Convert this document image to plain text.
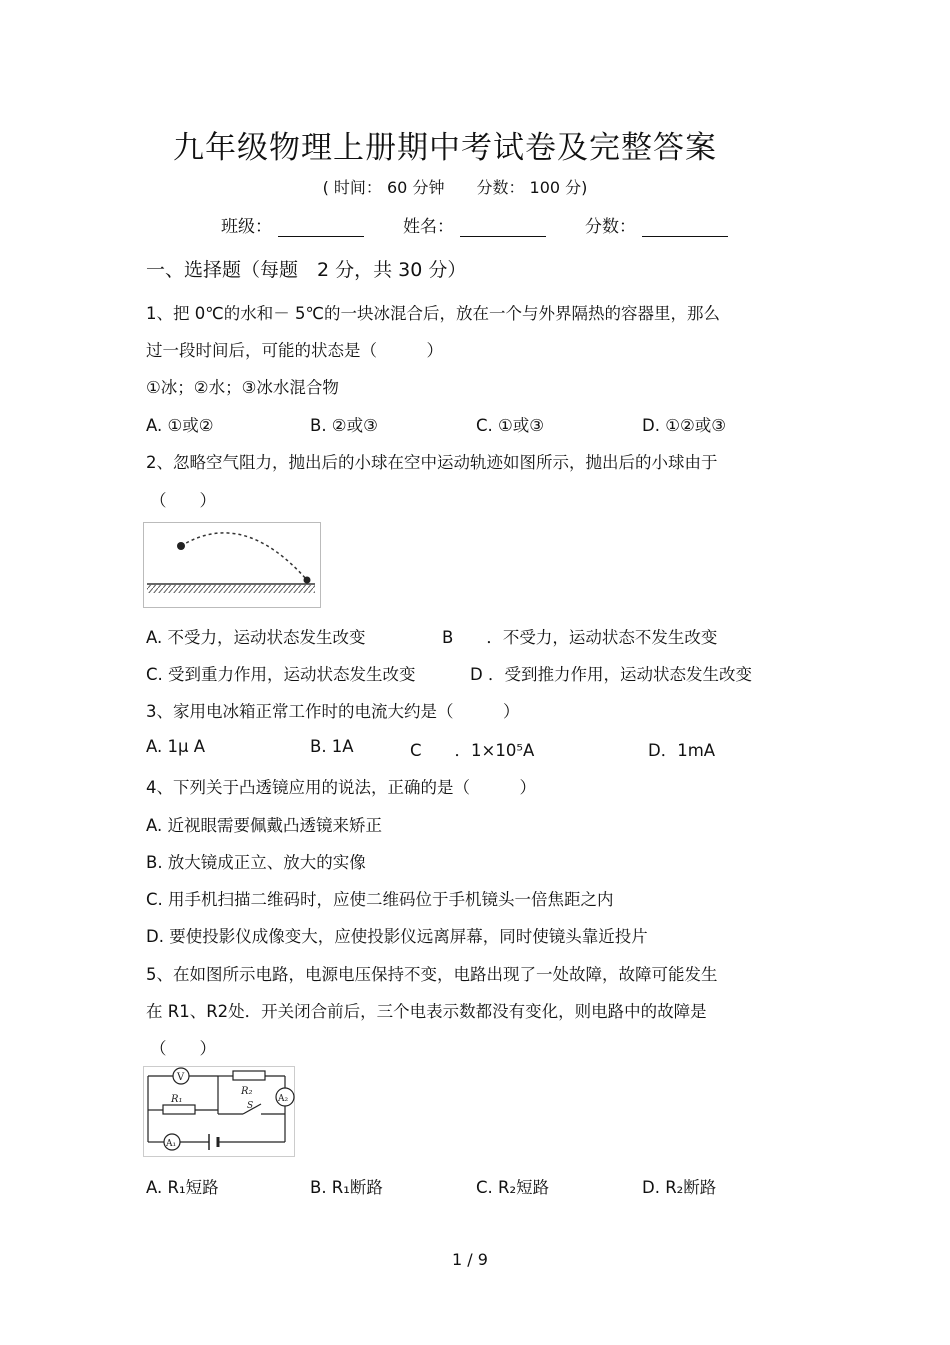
九年级物理上册期中考试卷及完整答案
( 时间： 60 分钟　　分数： 100 分)
班级：	姓名：	分数：
一、选择题（每题　2 分，共 30 分）
1、把 0℃的水和－ 5℃的一块冰混合后，放在一个与外界隔热的容器里，那么
过一段时间后，可能的状态是（　　　）
①冰；②水；③冰水混合物
A. ①或②	B. ②或③	C. ①或③	D. ①②或③
2、忽略空气阻力，抛出后的小球在空中运动轨迹如图所示，抛出后的小球由于
（　　）
A. 不受力，运动状态发生改变	B　　．不受力，运动状态不发生改变
C. 受到重力作用，运动状态发生改变	D ．受到推力作用，运动状态发生改变
3、家用电冰箱正常工作时的电流大约是（　　　）
A. 1μ A	B. 1A	C　　．1×10⁵A	D．1mA
4、下列关于凸透镜应用的说法，正确的是（　　　）
A. 近视眼需要佩戴凸透镜来矫正
B. 放大镜成正立、放大的实像
C. 用手机扫描二维码时，应使二维码位于手机镜头一倍焦距之内
D. 要使投影仪成像变大，应使投影仪远离屏幕，同时使镜头靠近投片
5、在如图所示电路，电源电压保持不变，电路出现了一处故障，故障可能发生
在 R1、R2处．开关闭合前后，三个电表示数都没有变化，则电路中的故障是
（　　）
V
R₁
R₂
S
A₁
A₂
A. R₁短路	B. R₁断路	C. R₂短路	D. R₂断路
1 / 9
